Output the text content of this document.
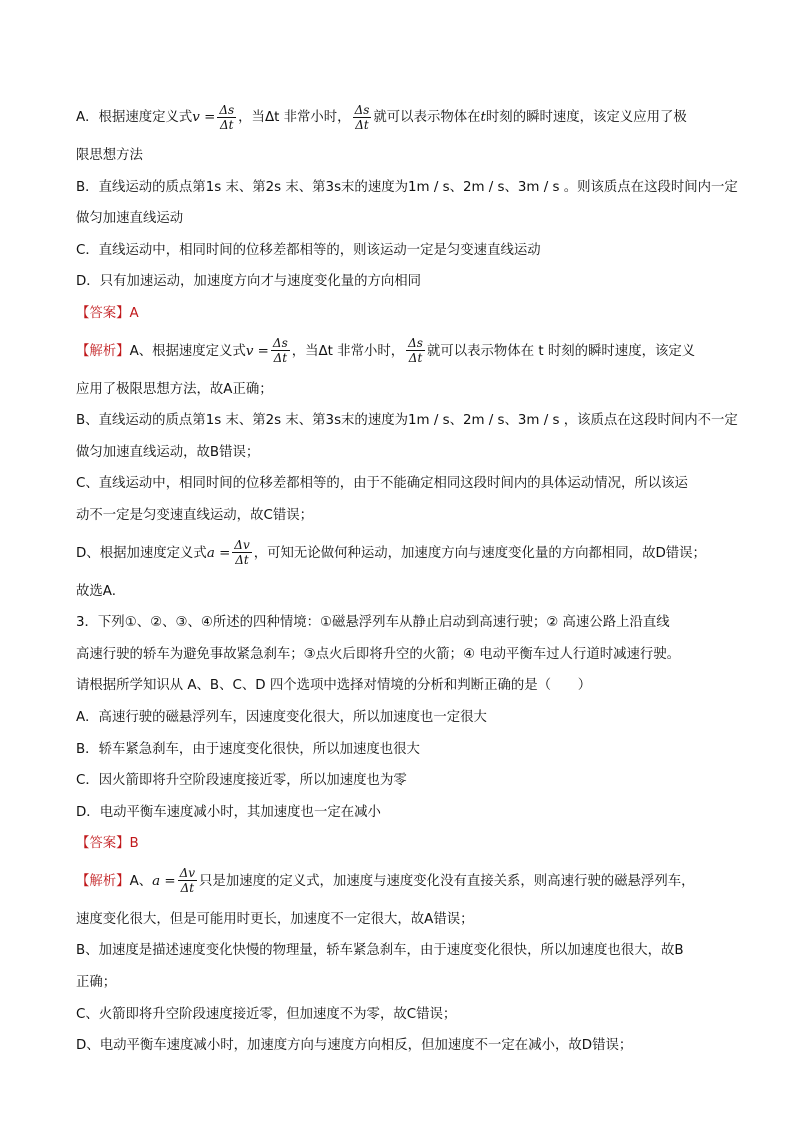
A．根据速度定义式$v = \frac{\Delta s}{\Delta t}$ ，当Δt 非常小时， $\frac{\Delta s}{\Delta t}$ 就可以表示物体在t时刻的瞬时速度，该定义应用了极
限思想方法
B．直线运动的质点第1s 末、第2s 末、第3s末的速度为1m / s、2m / s、3m / s 。则该质点在这段时间内一定
做匀加速直线运动
C．直线运动中，相同时间的位移差都相等的，则该运动一定是匀变速直线运动
D．只有加速运动，加速度方向才与速度变化量的方向相同
【答案】A
【解析】A、根据速度定义式$v = \frac{\Delta s}{\Delta t}$ ，当Δt 非常小时， $\frac{\Delta s}{\Delta t}$ 就可以表示物体在 t 时刻的瞬时速度，该定义
应用了极限思想方法，故A正确；
B、直线运动的质点第1s 末、第2s 末、第3s末的速度为1m / s、2m / s、3m / s ，该质点在这段时间内不一定
做匀加速直线运动，故B错误；
C、直线运动中，相同时间的位移差都相等的，由于不能确定相同这段时间内的具体运动情况，所以该运
动不一定是匀变速直线运动，故C错误；
D、根据加速度定义式$a = \frac{\Delta v}{\Delta t}$ ，可知无论做何种运动，加速度方向与速度变化量的方向都相同，故D错误；
故选A.
3．下列①、②、③、④所述的四种情境：①磁悬浮列车从静止启动到高速行驶；② 高速公路上沿直线
高速行驶的轿车为避免事故紧急刹车；③点火后即将升空的火箭；④ 电动平衡车过人行道时减速行驶。
请根据所学知识从 A、B、C、D 四个选项中选择对情境的分析和判断正确的是（　　）
A．高速行驶的磁悬浮列车，因速度变化很大，所以加速度也一定很大
B．轿车紧急刹车，由于速度变化很快，所以加速度也很大
C．因火箭即将升空阶段速度接近零，所以加速度也为零
D．电动平衡车速度减小时，其加速度也一定在减小
【答案】B
【解析】A、$a = \frac{\Delta v}{\Delta t}$ 只是加速度的定义式，加速度与速度变化没有直接关系，则高速行驶的磁悬浮列车，
速度变化很大，但是可能用时更长，加速度不一定很大，故A错误；
B、加速度是描述速度变化快慢的物理量，轿车紧急刹车，由于速度变化很快，所以加速度也很大，故B
正确；
C、火箭即将升空阶段速度接近零，但加速度不为零，故C错误；
D、电动平衡车速度减小时，加速度方向与速度方向相反，但加速度不一定在减小，故D错误；
